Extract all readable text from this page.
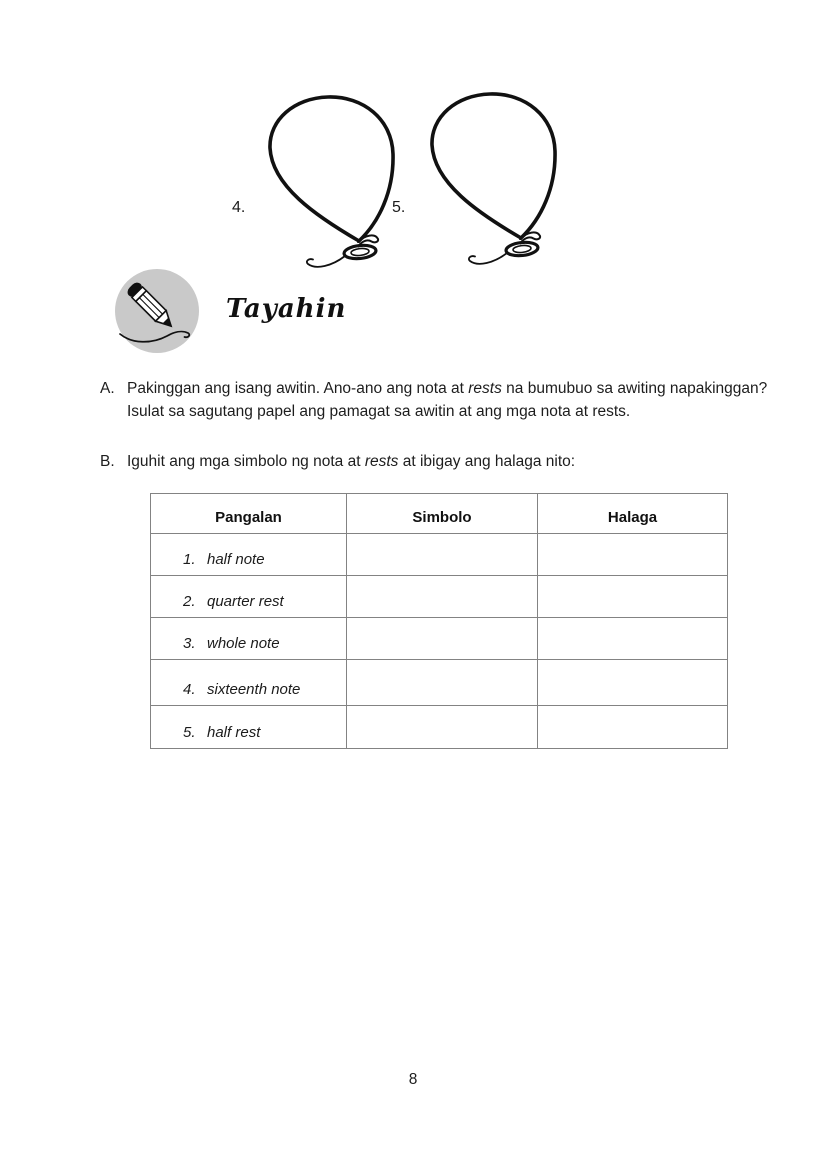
4.	5.
Tayahin
A. Pakinggan ang isang awitin. Ano-ano ang nota at rests na bumubuo sa awiting napakinggan?
Isulat sa sagutang papel ang pamagat sa awitin at ang mga nota at rests.
B. Iguhit ang mga simbolo ng nota at rests at ibigay ang halaga nito:
Pangalan	Simbolo	Halaga
1. half note		
2. quarter rest		
3. whole note		
4. sixteenth note		
5. half rest		
8
